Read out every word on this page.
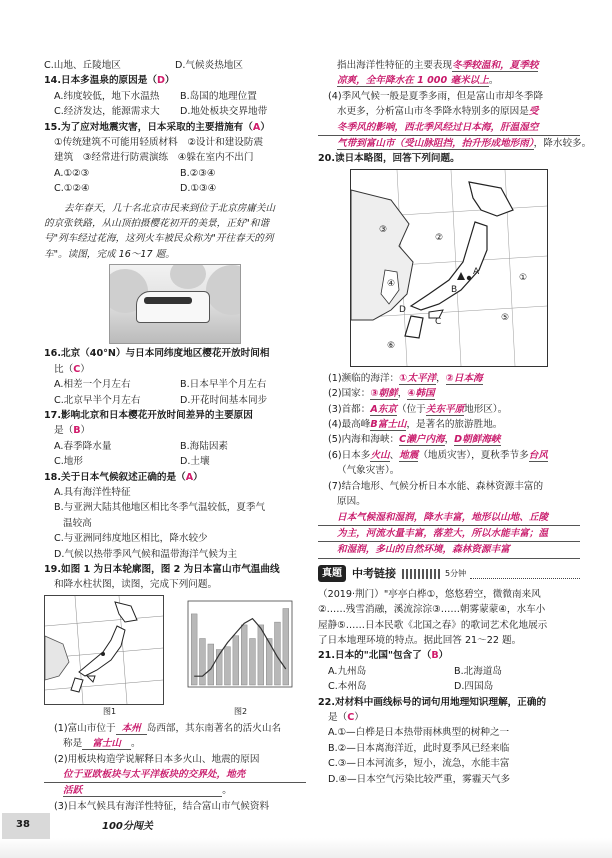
C.山地、丘陵地区	D.气候炎热地区
14.日本多温泉的原因是（D）
A.纬度较低，地下水温热	B.岛国的地理位置
C.经济发达，能源需求大	D.地处板块交界地带
15.为了应对地震灾害，日本采取的主要措施有（A）
①传统建筑不可能用轻质材料　②设计和建设防震
建筑　③经常进行防震演练　④躲在室内不出门
A.①②③	B.②③④
C.①②④	D.①③④
去年春天，几十名北京市民来到位于北京房庸关山
的京张铁路，从山顶拍摄樱花初开的美景，正好"和谐
号"列车经过花海，这列火车被民众称为"开往春天的列
车"。读图，完成 16～17 题。
16.北京（40°N）与日本同纬度地区樱花开放时间相
比（C）
A.相差一个月左右	B.日本早半个月左右
C.北京早半个月左右	D.开花时间基本同步
17.影响北京和日本樱花开放时间差异的主要原因
是（B）
A.春季降水量	B.海陆因素
C.地形	D.土壤
18.关于日本气候叙述正确的是（A）
A.具有海洋性特征
B.与亚洲大陆其他地区相比冬季气温较低，夏季气
温较高
C.与亚洲同纬度地区相比，降水较少
D.气候以热带季风气候和温带海洋气候为主
19.如图 1 为日本轮廓图，图 2 为日本富山市气温曲线
和降水柱状图，读图，完成下列问题。
图1	图2
(1)富山市位于 本州 岛西部，其东南著名的活火山名
称是 富士山 。
(2)用板块构造学说解释日本多火山、地震的原因
位于亚欧板块与太平洋板块的交界处，地壳
活跃	。
(3)日本气候具有海洋性特征，结合富山市气候资料
指出海洋性特征的主要表现冬季较温和，夏季较
凉爽，全年降水在 1 000 毫米以上。
(4)季风气候一般是夏季多雨，但是富山市却冬季降
水更多，分析富山市冬季降水特别多的原因是受
冬季风的影响，西北季风经过日本海，肝温湿空
气带到富山市（受山脉阻挡，抬升形成地形雨），降水较多。
20.读日本略图，回答下列问题。
①
②
③
④
⑤
⑥
A
B
C
D
(1)濒临的海洋：①太平洋，②日本海
(2)国家：③朝鲜，④韩国
(3)首都：A东京（位于关东平原地形区）。
(4)最高峰B富士山，是著名的旅游胜地。
(5)内海和海峡：C濑户内海，D朝鲜海峡
(6)日本多火山、地震（地质灾害），夏秋季节多台风
（气象灾害）。
(7)结合地形、气候分析日本水能、森林资源丰富的
原因。
日本气候湿和湿润，降水丰富，地形以山地、丘陵
为主，河流水量丰富，落差大，所以水能丰富；温
和湿润，多山的自然环境，森林资源丰富
真题 中考链接	5分钟
（2019·荆门）"亭亭白桦①，悠悠碧空，微微南来风
②……残雪消融，溪流淙淙③……朝雾蒙蒙④，水车小
屋静⑤……日本民歌《北国之春》的歌词艺术化地展示
了日本地理环境的特点。据此回答 21～22 题。
21.日本的"北国"包含了（B）
A.九州岛	B.北海道岛
C.本州岛	D.四国岛
22.对材料中画线标号的词句用地理知识理解，正确的
是（C）
A.①—白桦是日本热带雨林典型的树种之一
B.②—日本离海洋近，此时夏季风已经来临
C.③—日本河流多，短小，流急，水能丰富
D.④—日本空气污染比较严重，雾霾天气多
38	100分闯关
